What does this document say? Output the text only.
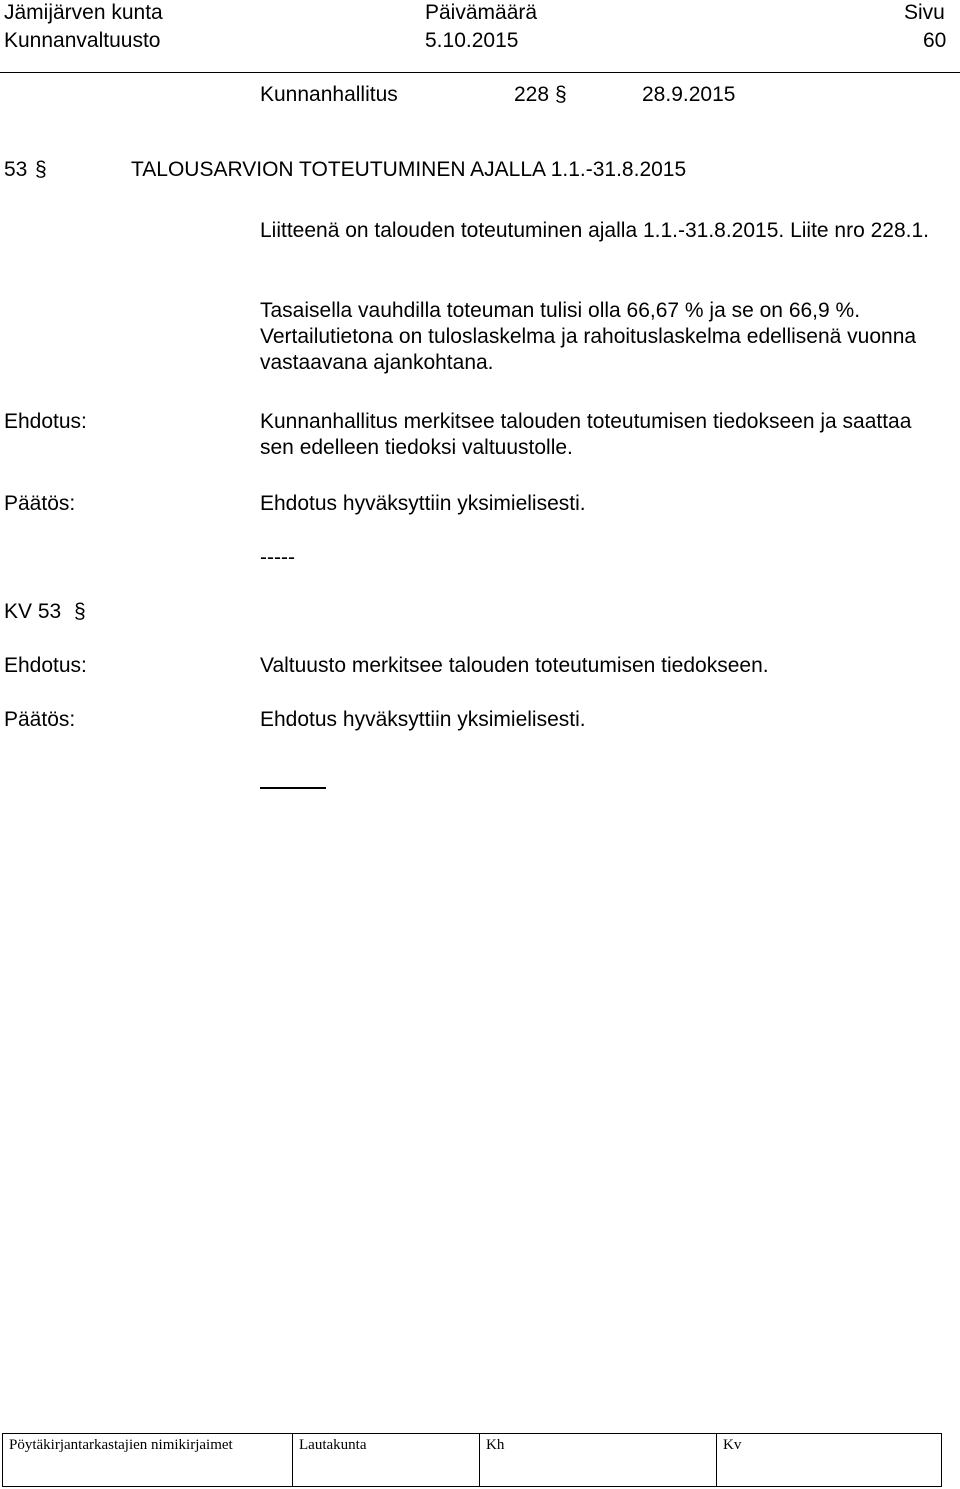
Jämijärven kunta
Kunnanvaltuusto
Päivämäärä
5.10.2015
Sivu
60
Kunnanhallitus	228 §	28.9.2015
53 §	TALOUSARVION TOTEUTUMINEN AJALLA 1.1.-31.8.2015
Liitteenä on talouden toteutuminen ajalla 1.1.-31.8.2015. Liite nro 228.1.
Tasaisella vauhdilla toteuman tulisi olla 66,67 % ja se on 66,9 %. Vertailutietona on tuloslaskelma ja rahoituslaskelma edellisenä vuonna vastaavana ajankohtana.
Ehdotus:	Kunnanhallitus merkitsee talouden toteutumisen tiedokseen ja saattaa sen edelleen tiedoksi valtuustolle.
Päätös:	Ehdotus hyväksyttiin yksimielisesti.
-----
KV 53 §
Ehdotus:	Valtuusto merkitsee talouden toteutumisen tiedokseen.
Päätös:	Ehdotus hyväksyttiin yksimielisesti.
Pöytäkirjantarkastajien nimikirjaimet	Lautakunta	Kh	Kv
